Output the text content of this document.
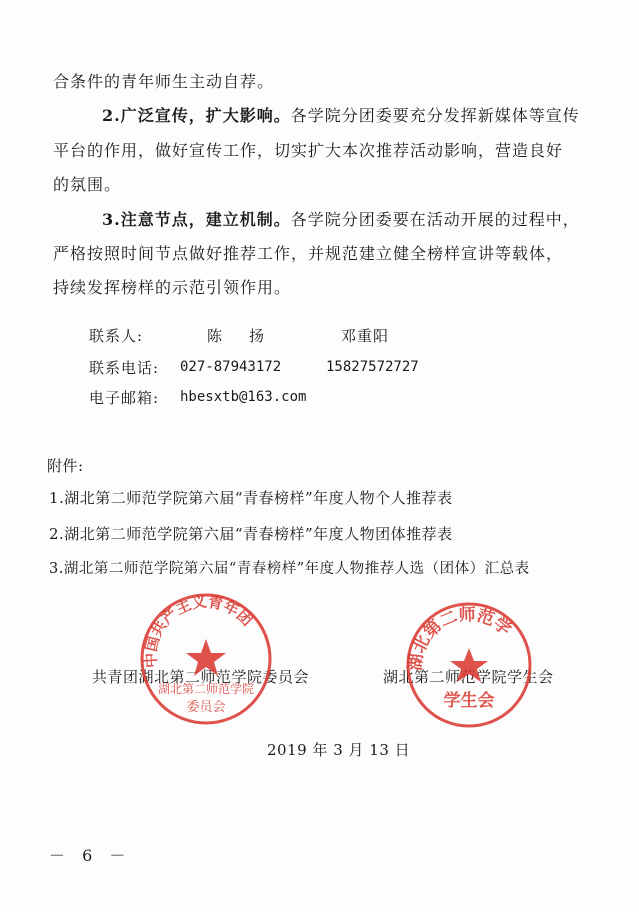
合条件的青年师生主动自荐。
2.广泛宣传，扩大影响。各学院分团委要充分发挥新媒体等宣传
平台的作用，做好宣传工作，切实扩大本次推荐活动影响，营造良好
的氛围。
3.注意节点，建立机制。各学院分团委要在活动开展的过程中，
严格按照时间节点做好推荐工作，并规范建立健全榜样宣讲等载体，
持续发挥榜样的示范引领作用。
联系人:	陈　扬	邓重阳
联系电话: 027-87943172	15827572727
电子邮箱: hbesxtb@163.com
附件:
1.湖北第二师范学院第六届“青春榜样”年度人物个人推荐表
2.湖北第二师范学院第六届“青春榜样”年度人物团体推荐表
3.湖北第二师范学院第六届“青春榜样”年度人物推荐人选（团体）汇总表
共青团湖北第二师范学院委员会	湖北第二师范学院学生会
中国共产主义青年团
湖北第二师范学院
委员会
湖北第二师范学
学生会
2019 年 3 月 13 日
－ 6 －
